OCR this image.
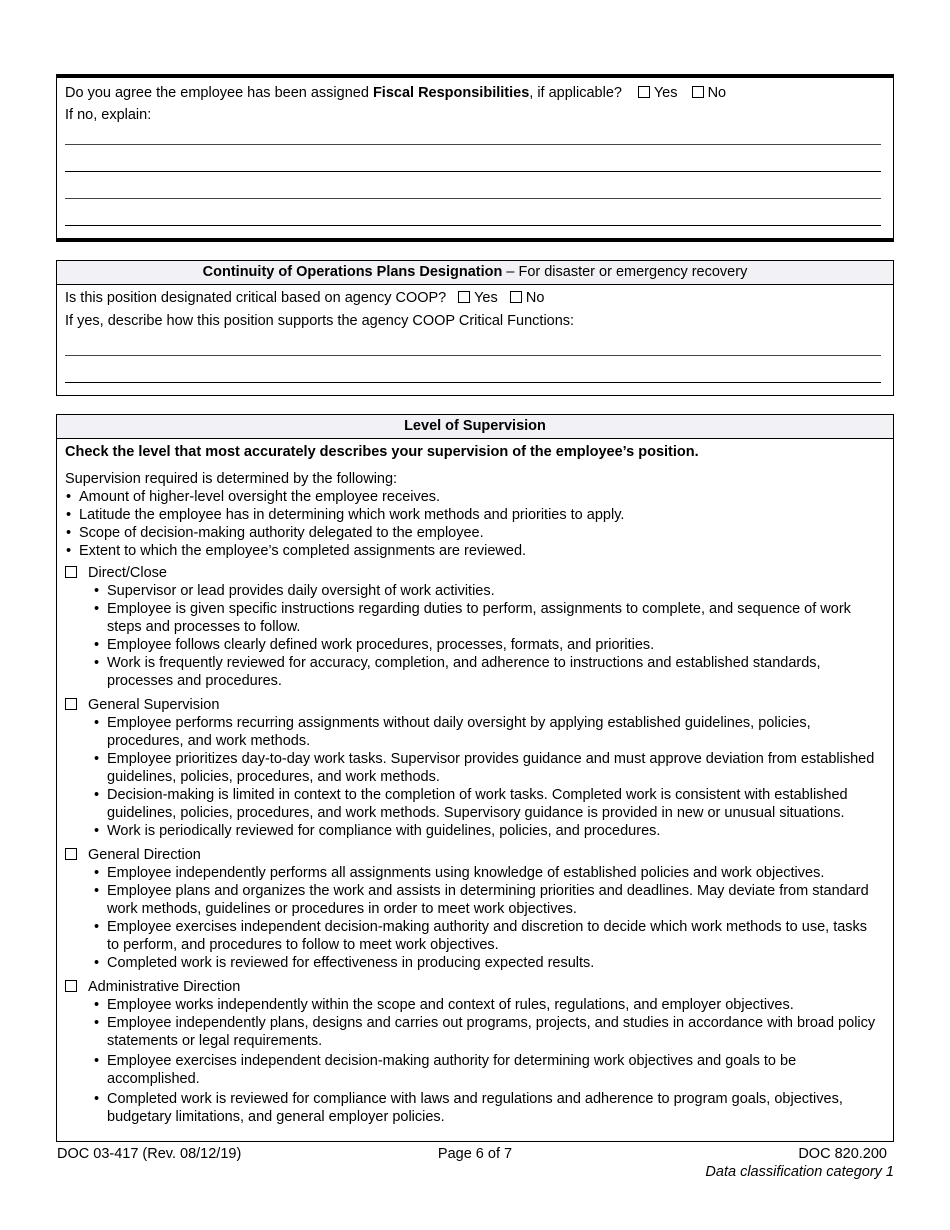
Do you agree the employee has been assigned Fiscal Responsibilities, if applicable? Yes No
If no, explain:
Continuity of Operations Plans Designation – For disaster or emergency recovery
Is this position designated critical based on agency COOP? Yes No
If yes, describe how this position supports the agency COOP Critical Functions:
Level of Supervision
Check the level that most accurately describes your supervision of the employee’s position.
Supervision required is determined by the following:
• Amount of higher-level oversight the employee receives.
• Latitude the employee has in determining which work methods and priorities to apply.
• Scope of decision-making authority delegated to the employee.
• Extent to which the employee’s completed assignments are reviewed.
Direct/Close
• Supervisor or lead provides daily oversight of work activities.
• Employee is given specific instructions regarding duties to perform, assignments to complete, and sequence of work steps and processes to follow.
• Employee follows clearly defined work procedures, processes, formats, and priorities.
• Work is frequently reviewed for accuracy, completion, and adherence to instructions and established standards, processes and procedures.
General Supervision
• Employee performs recurring assignments without daily oversight by applying established guidelines, policies, procedures, and work methods.
• Employee prioritizes day-to-day work tasks. Supervisor provides guidance and must approve deviation from established guidelines, policies, procedures, and work methods.
• Decision-making is limited in context to the completion of work tasks. Completed work is consistent with established guidelines, policies, procedures, and work methods. Supervisory guidance is provided in new or unusual situations.
• Work is periodically reviewed for compliance with guidelines, policies, and procedures.
General Direction
• Employee independently performs all assignments using knowledge of established policies and work objectives.
• Employee plans and organizes the work and assists in determining priorities and deadlines. May deviate from standard work methods, guidelines or procedures in order to meet work objectives.
• Employee exercises independent decision-making authority and discretion to decide which work methods to use, tasks to perform, and procedures to follow to meet work objectives.
• Completed work is reviewed for effectiveness in producing expected results.
Administrative Direction
• Employee works independently within the scope and context of rules, regulations, and employer objectives.
• Employee independently plans, designs and carries out programs, projects, and studies in accordance with broad policy statements or legal requirements.
• Employee exercises independent decision-making authority for determining work objectives and goals to be accomplished.
• Completed work is reviewed for compliance with laws and regulations and adherence to program goals, objectives, budgetary limitations, and general employer policies.
DOC 03-417 (Rev. 08/12/19)	Page 6 of 7	DOC 820.200
Data classification category 1
